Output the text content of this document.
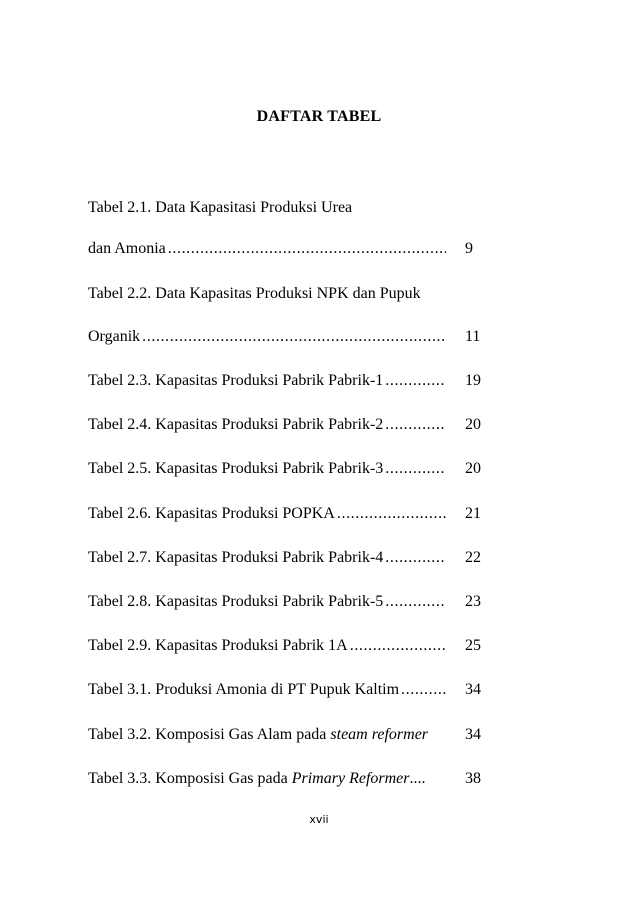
DAFTAR TABEL
Tabel 2.1. Data Kapasitasi Produksi Urea
dan Amonia .....	9
Tabel 2.2. Data Kapasitas Produksi NPK dan Pupuk
Organik .....	11
Tabel 2.3. Kapasitas Produksi Pabrik Pabrik-1 .....	19
Tabel 2.4. Kapasitas Produksi Pabrik Pabrik-2 .....	20
Tabel 2.5. Kapasitas Produksi Pabrik Pabrik-3 .....	20
Tabel 2.6. Kapasitas Produksi POPKA .....	21
Tabel 2.7. Kapasitas Produksi Pabrik Pabrik-4 .....	22
Tabel 2.8. Kapasitas Produksi Pabrik Pabrik-5 .....	23
Tabel 2.9. Kapasitas Produksi Pabrik 1A .....	25
Tabel 3.1. Produksi Amonia di PT Pupuk Kaltim .....	34
Tabel 3.2. Komposisi Gas Alam pada steam reformer	34
Tabel 3.3. Komposisi Gas pada Primary Reformer....	38
xvii
